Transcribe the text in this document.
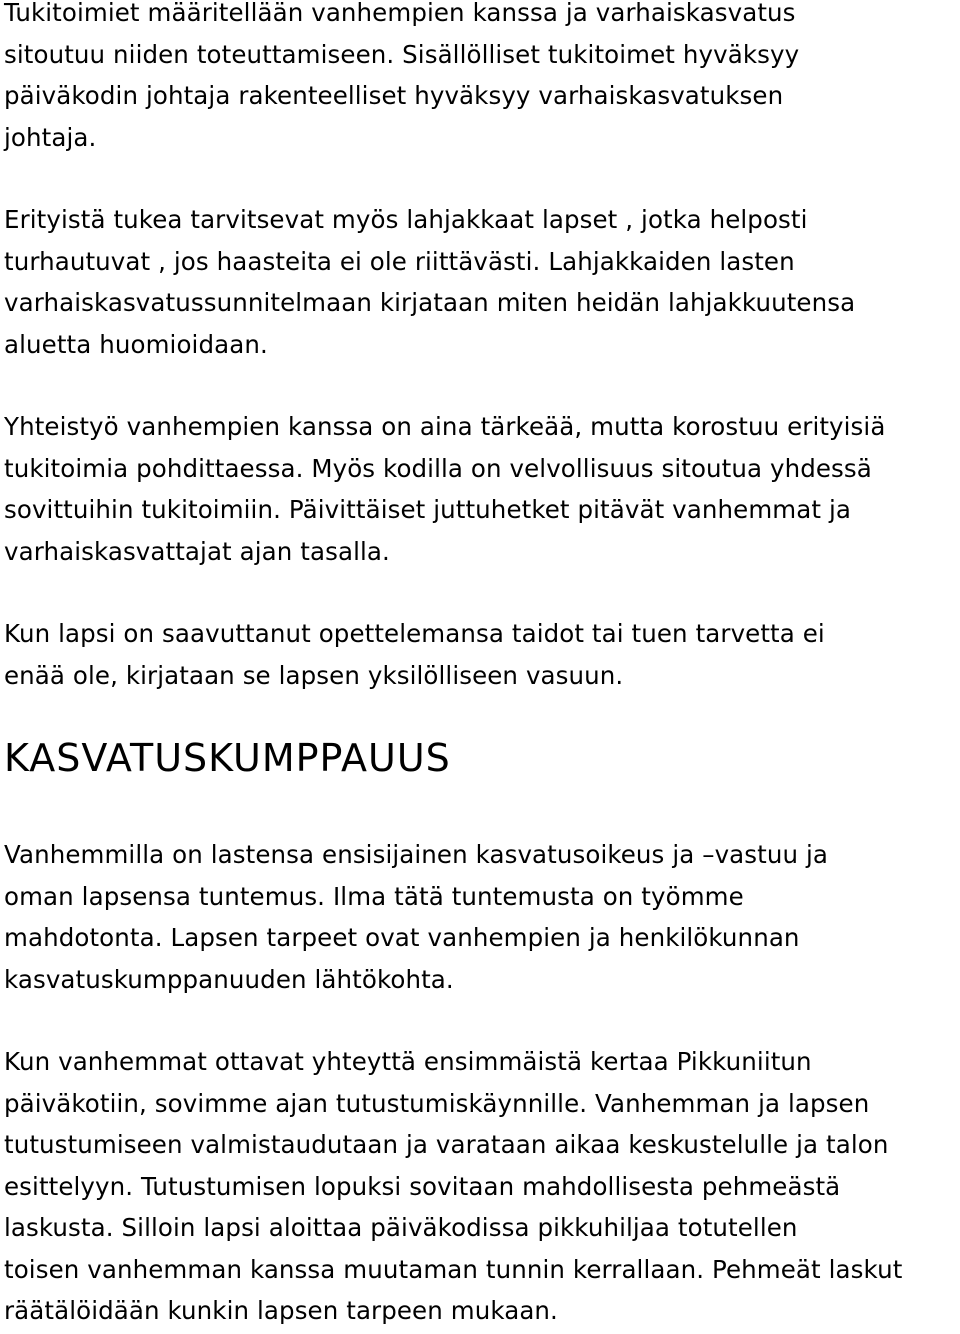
Tukitoimiet määritellään vanhempien kanssa ja varhaiskasvatus
sitoutuu niiden toteuttamiseen. Sisällölliset tukitoimet hyväksyy
päiväkodin johtaja rakenteelliset hyväksyy varhaiskasvatuksen
johtaja.

Erityistä tukea tarvitsevat myös lahjakkaat lapset , jotka helposti
turhautuvat , jos haasteita ei ole riittävästi. Lahjakkaiden lasten
varhaiskasvatussunnitelmaan kirjataan miten heidän lahjakkuutensa
aluetta huomioidaan.

Yhteistyö vanhempien kanssa on aina tärkeää, mutta korostuu erityisiä
tukitoimia pohdittaessa. Myös kodilla on velvollisuus sitoutua yhdessä
sovittuihin tukitoimiin. Päivittäiset juttuhetket pitävät vanhemmat ja
varhaiskasvattajat ajan tasalla.

Kun lapsi on saavuttanut opettelemansa taidot tai tuen tarvetta ei
enää ole, kirjataan se lapsen yksilölliseen vasuun.

KASVATUSKUMPPAUUS

Vanhemmilla on lastensa ensisijainen kasvatusoikeus ja –vastuu ja
oman lapsensa tuntemus. Ilma tätä tuntemusta on työmme
mahdotonta. Lapsen tarpeet ovat vanhempien ja henkilökunnan
kasvatuskumppanuuden lähtökohta.

Kun vanhemmat ottavat yhteyttä ensimmäistä kertaa Pikkuniitun
päiväkotiin, sovimme ajan tutustumiskäynnille. Vanhemman ja lapsen
tutustumiseen valmistaudutaan ja varataan aikaa keskustelulle ja talon
esittelyyn. Tutustumisen lopuksi sovitaan mahdollisesta pehmeästä
laskusta. Silloin lapsi aloittaa päiväkodissa pikkuhiljaa totutellen
toisen vanhemman kanssa muutaman tunnin kerrallaan. Pehmeät laskut
räätälöidään kunkin lapsen tarpeen mukaan.
